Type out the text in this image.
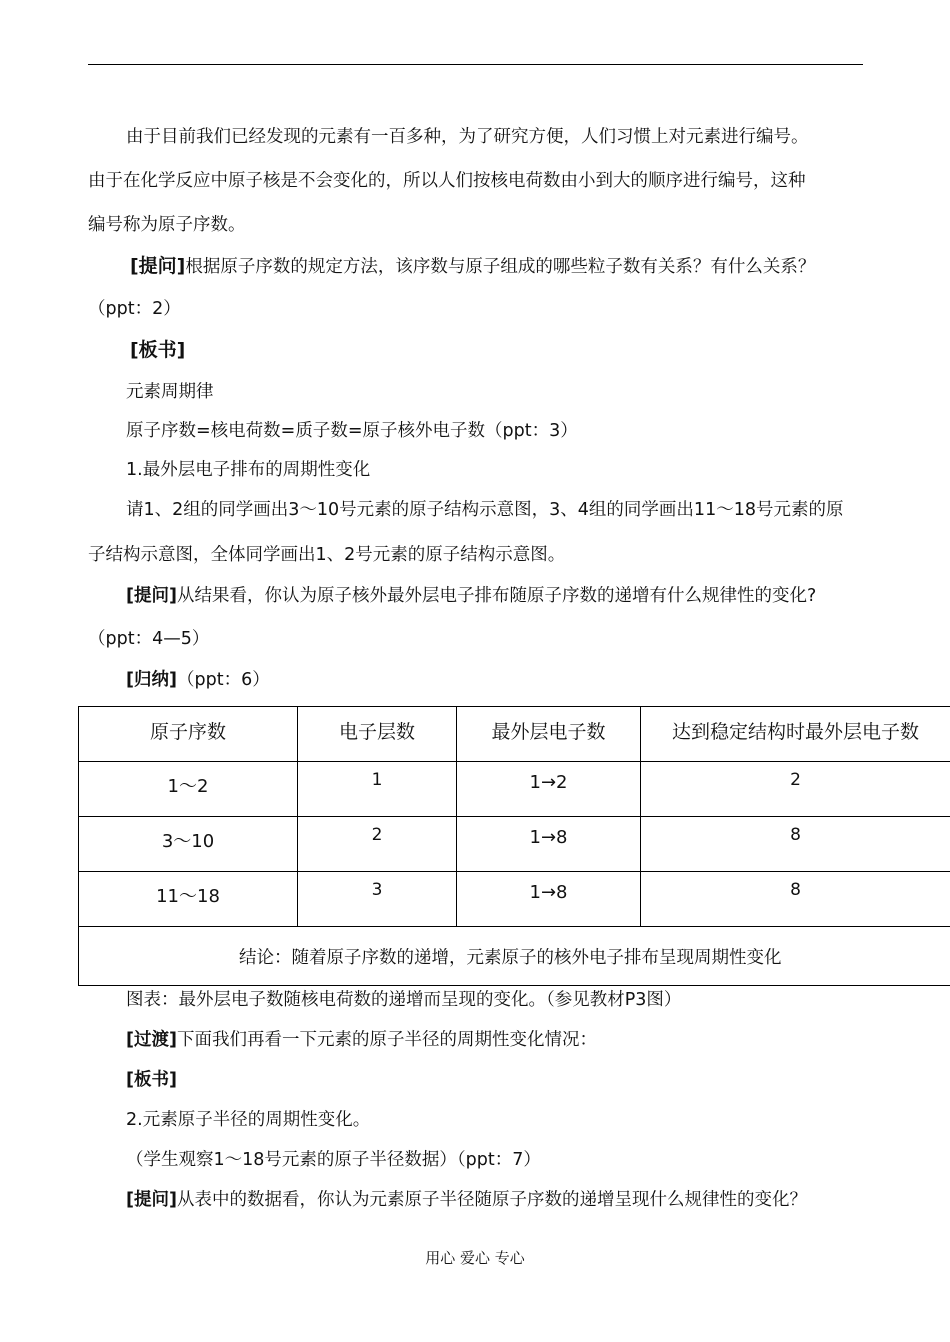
由于目前我们已经发现的元素有一百多种，为了研究方便，人们习惯上对元素进行编号。
由于在化学反应中原子核是不会变化的，所以人们按核电荷数由小到大的顺序进行编号，这种
编号称为原子序数。
[提问]根据原子序数的规定方法，该序数与原子组成的哪些粒子数有关系？有什么关系？
（ppt：2）
[板书]
元素周期律
原子序数=核电荷数=质子数=原子核外电子数（ppt：3）
1.最外层电子排布的周期性变化
请1、2组的同学画出3～10号元素的原子结构示意图，3、4组的同学画出11～18号元素的原
子结构示意图，全体同学画出1、2号元素的原子结构示意图。
[提问]从结果看，你认为原子核外最外层电子排布随原子序数的递增有什么规律性的变化?
（ppt：4—5）
[归纳]（ppt：6）
原子序数	电子层数	最外层电子数	达到稳定结构时最外层电子数
1～2	1	1→2	2
3～10	2	1→8	8
11～18	3	1→8	8
结论：随着原子序数的递增，元素原子的核外电子排布呈现周期性变化			
图表：最外层电子数随核电荷数的递增而呈现的变化。（参见教材P3图）
[过渡]下面我们再看一下元素的原子半径的周期性变化情况：
[板书]
2.元素原子半径的周期性变化。
（学生观察1～18号元素的原子半径数据）（ppt：7）
[提问]从表中的数据看，你认为元素原子半径随原子序数的递增呈现什么规律性的变化？
用心 爱心 专心
